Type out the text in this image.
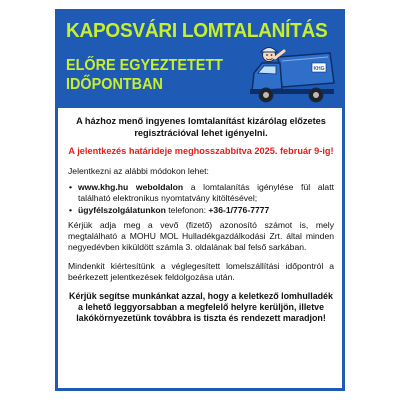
KAPOSVÁRI LOMTALANÍTÁS
ELŐRE EGYEZTETETT
IDŐPONTBAN
KHG
A házhoz menő ingyenes lomtalanítást kizárólag előzetes regisztrációval lehet igényelni.
A jelentkezés határideje meghosszabbítva 2025. február 9-ig!
Jelentkezni az alábbi módokon lehet:
• www.khg.hu weboldalon a lomtalanítás igénylése fül alatt található elektronikus nyomtatvány kitöltésével;
• ügyfélszolgálatunkon telefonon: +36-1/776-7777
Kérjük adja meg a vevő (fizető) azonosító számot is, mely megtalálható a MOHU MOL Hulladékgazdálkodási Zrt. által minden negyedévben kiküldött számla 3. oldalának bal felső sarkában.
Mindenkit kiértesítünk a véglegesített lomelszállítási időpontról a beérkezett jelentkezések feldolgozása után.
Kérjük segítse munkánkat azzal, hogy a keletkező lomhulladék a lehető leggyorsabban a megfelelő helyre kerüljön, illetve lakókörnyezetünk továbbra is tiszta és rendezett maradjon!
